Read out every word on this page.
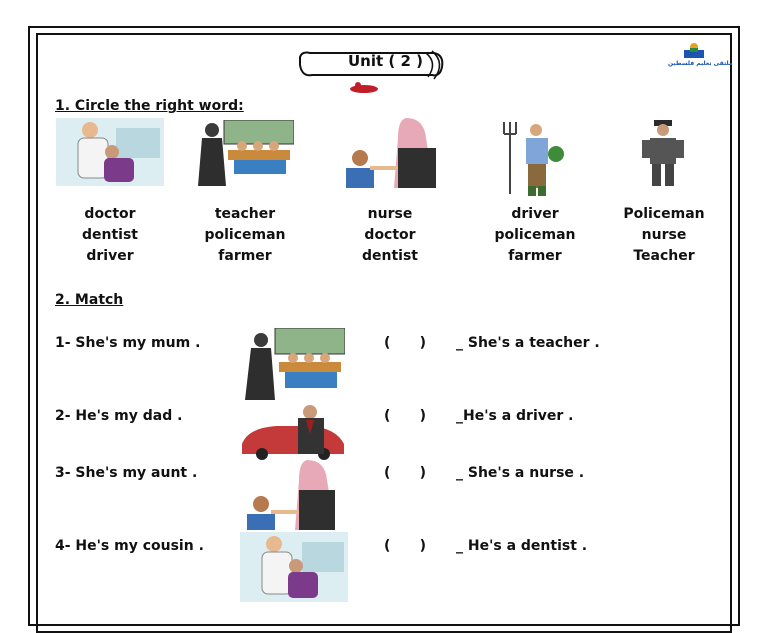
Unit ( 2 )	ملتقى تعليم فلسطين
1. Circle the right word:
doctor
dentist
driver
teacher
policeman
farmer
nurse
doctor
dentist
driver
policeman
farmer
Policeman
nurse
Teacher
2. Match
1- She's my mum .
2- He's my dad .
3- She's my aunt .
4- He's my cousin .
(      )
(      )
(      )
(      )
_ She's a teacher .
_He's a driver .
_ She's a nurse .
_ He's a dentist .
